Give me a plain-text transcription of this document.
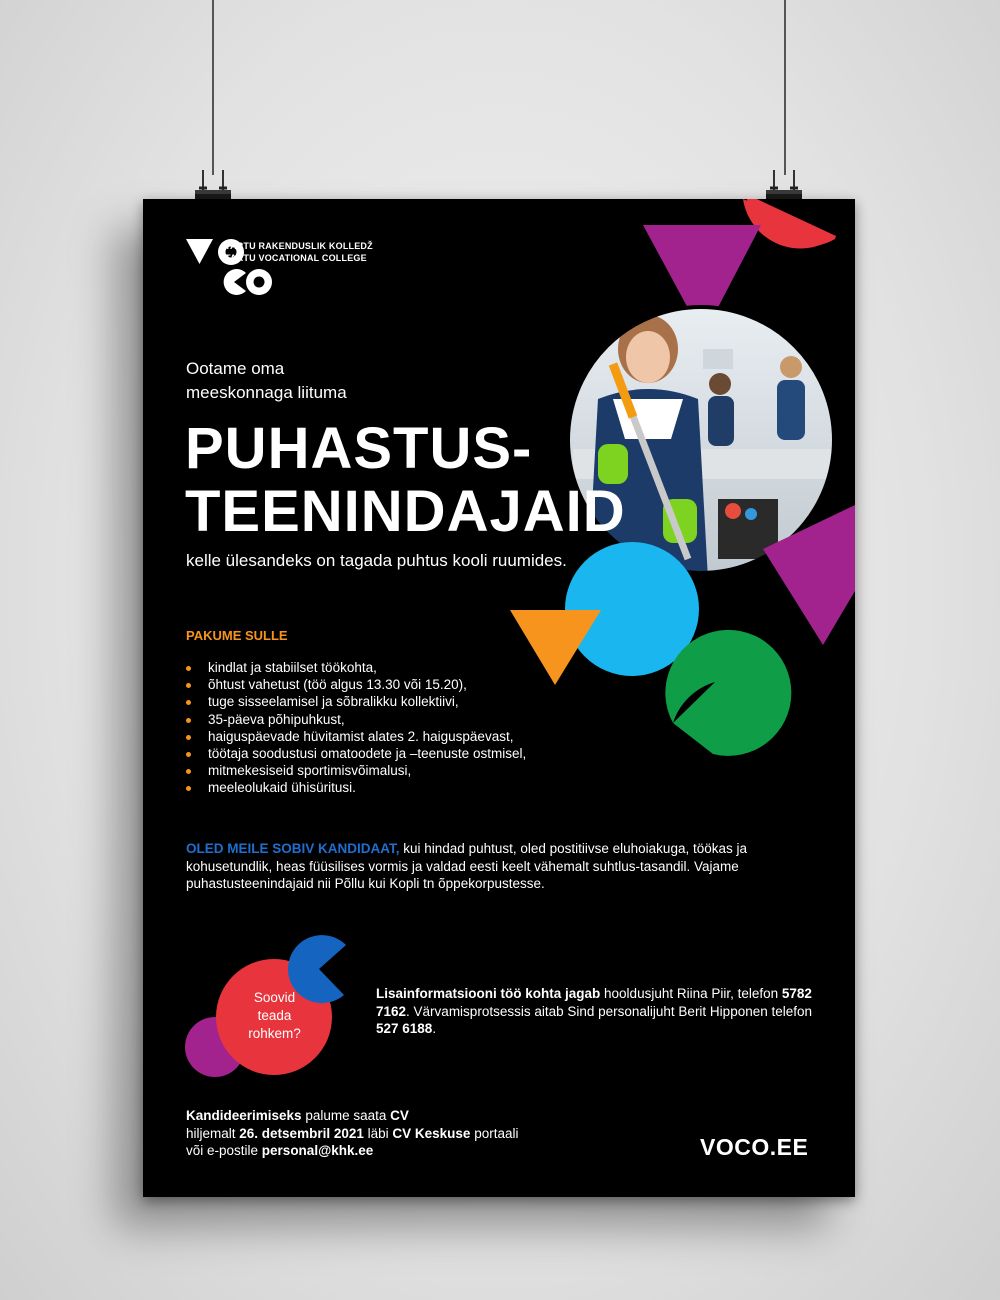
TARTU RAKENDUSLIK KOLLEDŽ
TARTU VOCATIONAL COLLEGE
Ootame oma
meeskonnaga liituma
PUHASTUS-
TEENINDAJAID
kelle ülesandeks on tagada puhtus kooli ruumides.
PAKUME SULLE
kindlat ja stabiilset töökohta,
õhtust vahetust (töö algus 13.30 või 15.20),
tuge sisseelamisel ja sõbralikku kollektiivi,
35-päeva põhipuhkust,
haiguspäevade hüvitamist alates 2. haiguspäevast,
töötaja soodustusi omatoodete ja –teenuste ostmisel,
mitmekesiseid sportimisvõimalusi,
meeleolukaid ühisüritusi.
OLED MEILE SOBIV KANDIDAAT, kui hindad puhtust, oled postitiivse eluhoiakuga, töökas ja kohusetundlik, heas füüsilises vormis ja valdad eesti keelt vähemalt suhtlus-tasandil. Vajame puhastusteenindajaid nii Põllu kui Kopli tn õppekorpustesse.
Soovid
teada
rohkem?
Lisainformatsiooni töö kohta jagab hooldusjuht Riina Piir, telefon 5782 7162. Värvamisprotsessis aitab Sind personalijuht Berit Hipponen telefon 527 6188.
Kandideerimiseks palume saata CV
hiljemalt 26. detsembril 2021 läbi CV Keskuse portaali
või e-postile personal@khk.ee	VOCO.EE
